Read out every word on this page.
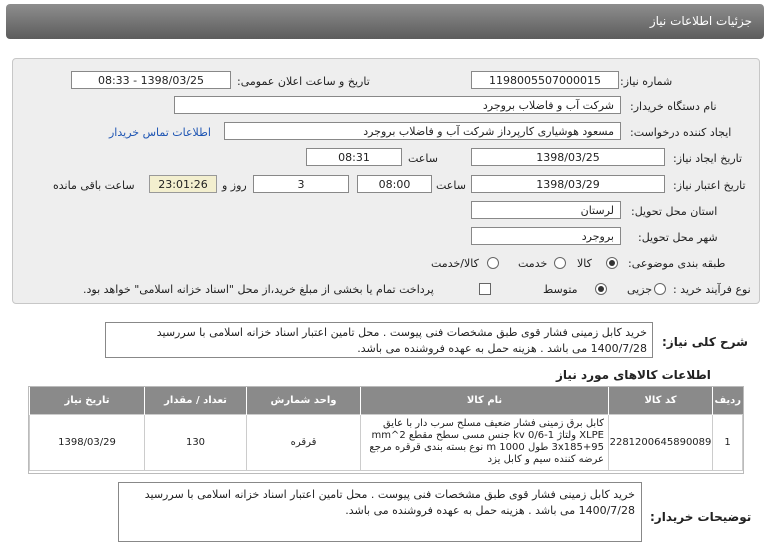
جزئیات اطلاعات نیاز
شماره نیاز:
1198005507000015
تاریخ و ساعت اعلان عمومی:
1398/03/25 - 08:33
نام دستگاه خریدار:
شرکت آب و فاضلاب بروجرد
ایجاد کننده درخواست:
مسعود هوشیاری کارپرداز شرکت آب و فاضلاب بروجرد
اطلاعات تماس خریدار
تاریخ ایجاد نیاز:
1398/03/25
ساعت
08:31
تاریخ اعتبار نیاز:
1398/03/29
ساعت
08:00
3
روز و
23:01:26
ساعت باقی مانده
استان محل تحویل:
لرستان
شهر محل تحویل:
بروجرد
طبقه بندی موضوعی:
کالا
خدمت
کالا/خدمت
نوع فرآیند خرید :
جزیی
متوسط
پرداخت تمام یا بخشی از مبلغ خرید،از محل "اسناد خزانه اسلامی" خواهد بود.
شرح کلی نیاز:
خرید کابل زمینی فشار قوی طبق مشخصات فنی پیوست . محل تامین اعتبار اسناد خزانه اسلامی با سررسید 1400/7/28 می باشد . هزینه حمل به عهده فروشنده می باشد.
اطلاعات کالاهای مورد نیاز
ردیف	کد کالا	نام کالا	واحد شمارش	تعداد / مقدار	تاریخ نیاز
1	2281200645890089	کابل برق زمینی فشار ضعیف مسلح سرب دار با عایق XLPE ولتاژ kv 0/6-1 جنس مسی سطح مقطع mm^2 3x185+95 طول m 1000 نوع بسته بندی قرقره مرجع عرضه کننده سیم و کابل یزد	قرقره	130	1398/03/29
توضیحات خریدار:
خرید کابل زمینی فشار قوی طبق مشخصات فنی پیوست . محل تامین اعتبار اسناد خزانه اسلامی با سررسید 1400/7/28 می باشد . هزینه حمل به عهده فروشنده می باشد.
